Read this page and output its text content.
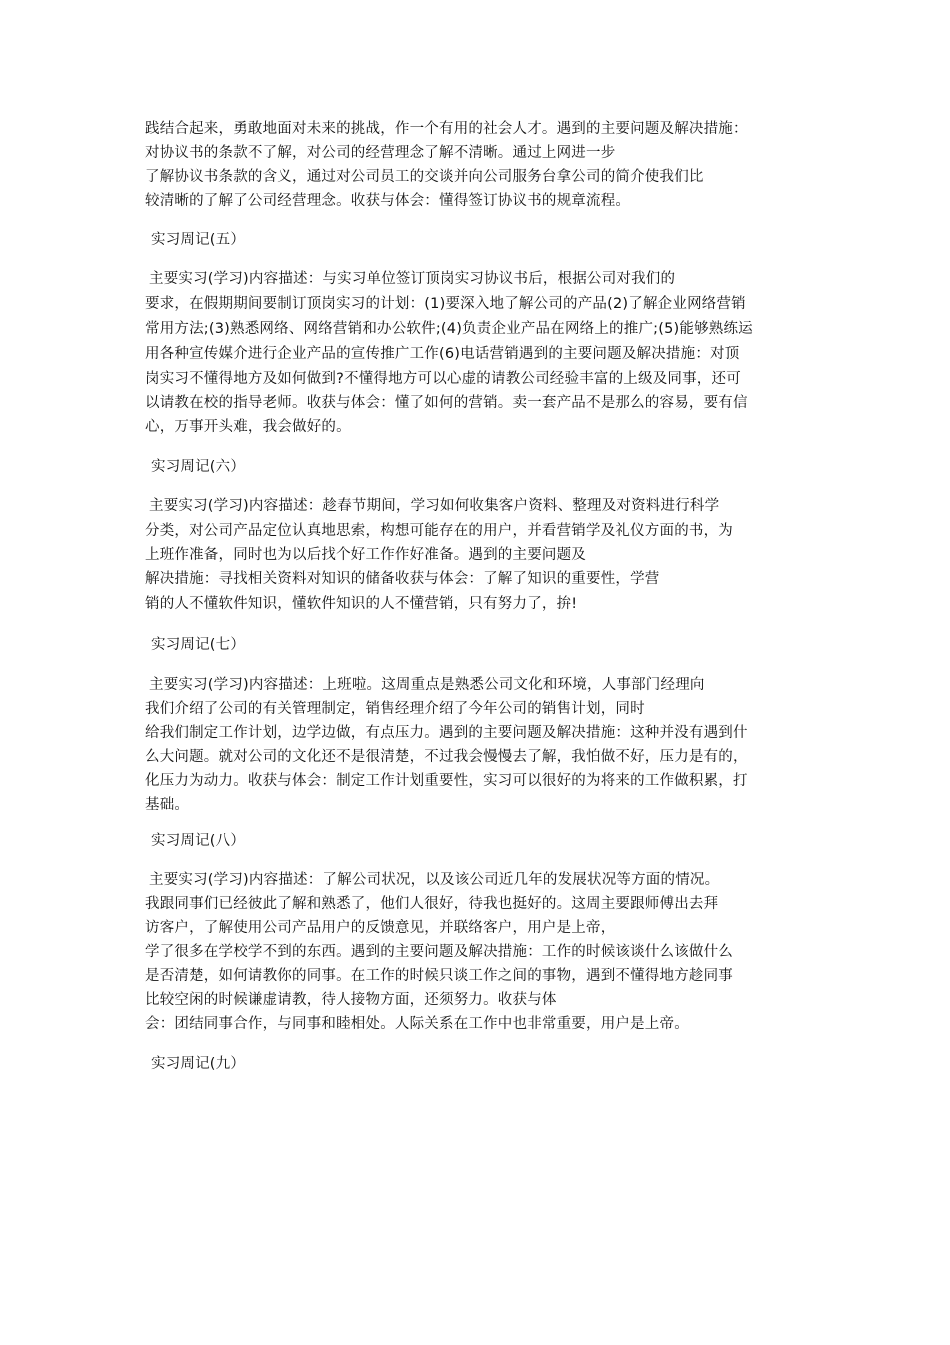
践结合起来，勇敢地面对未来的挑战，作一个有用的社会人才。遇到的主要问题及解决措施：
对协议书的条款不了解，对公司的经营理念了解不清晰。通过上网进一步
了解协议书条款的含义，通过对公司员工的交谈并向公司服务台拿公司的简介使我们比
较清晰的了解了公司经营理念。收获与体会：懂得签订协议书的规章流程。
实习周记(五）
主要实习(学习)内容描述：与实习单位签订顶岗实习协议书后，根据公司对我们的
要求，在假期期间要制订顶岗实习的计划：(1)要深入地了解公司的产品(2)了解企业网络营销
常用方法;(3)熟悉网络、网络营销和办公软件;(4)负责企业产品在网络上的推广;(5)能够熟练运
用各种宣传媒介进行企业产品的宣传推广工作(6)电话营销遇到的主要问题及解决措施：对顶
岗实习不懂得地方及如何做到?不懂得地方可以心虚的请教公司经验丰富的上级及同事，还可
以请教在校的指导老师。收获与体会：懂了如何的营销。卖一套产品不是那么的容易，要有信
心，万事开头难，我会做好的。
实习周记(六）
主要实习(学习)内容描述：趁春节期间，学习如何收集客户资料、整理及对资料进行科学
分类，对公司产品定位认真地思索，构想可能存在的用户，并看营销学及礼仪方面的书，为
上班作准备，同时也为以后找个好工作作好准备。遇到的主要问题及
解决措施：寻找相关资料对知识的储备收获与体会：了解了知识的重要性，学营
销的人不懂软件知识，懂软件知识的人不懂营销，只有努力了，拚!
实习周记(七）
主要实习(学习)内容描述：上班啦。这周重点是熟悉公司文化和环境，人事部门经理向
我们介绍了公司的有关管理制定，销售经理介绍了今年公司的销售计划，同时
给我们制定工作计划，边学边做，有点压力。遇到的主要问题及解决措施：这种并没有遇到什
么大问题。就对公司的文化还不是很清楚，不过我会慢慢去了解，我怕做不好，压力是有的，
化压力为动力。收获与体会：制定工作计划重要性，实习可以很好的为将来的工作做积累，打
基础。
实习周记(八）
主要实习(学习)内容描述：了解公司状况，以及该公司近几年的发展状况等方面的情况。
我跟同事们已经彼此了解和熟悉了，他们人很好，待我也挺好的。这周主要跟师傅出去拜
访客户，了解使用公司产品用户的反馈意见，并联络客户，用户是上帝，
学了很多在学校学不到的东西。遇到的主要问题及解决措施：工作的时候该谈什么该做什么
是否清楚，如何请教你的同事。在工作的时候只谈工作之间的事物，遇到不懂得地方趁同事
比较空闲的时候谦虚请教，待人接物方面，还须努力。收获与体
会：团结同事合作，与同事和睦相处。人际关系在工作中也非常重要，用户是上帝。
实习周记(九）
